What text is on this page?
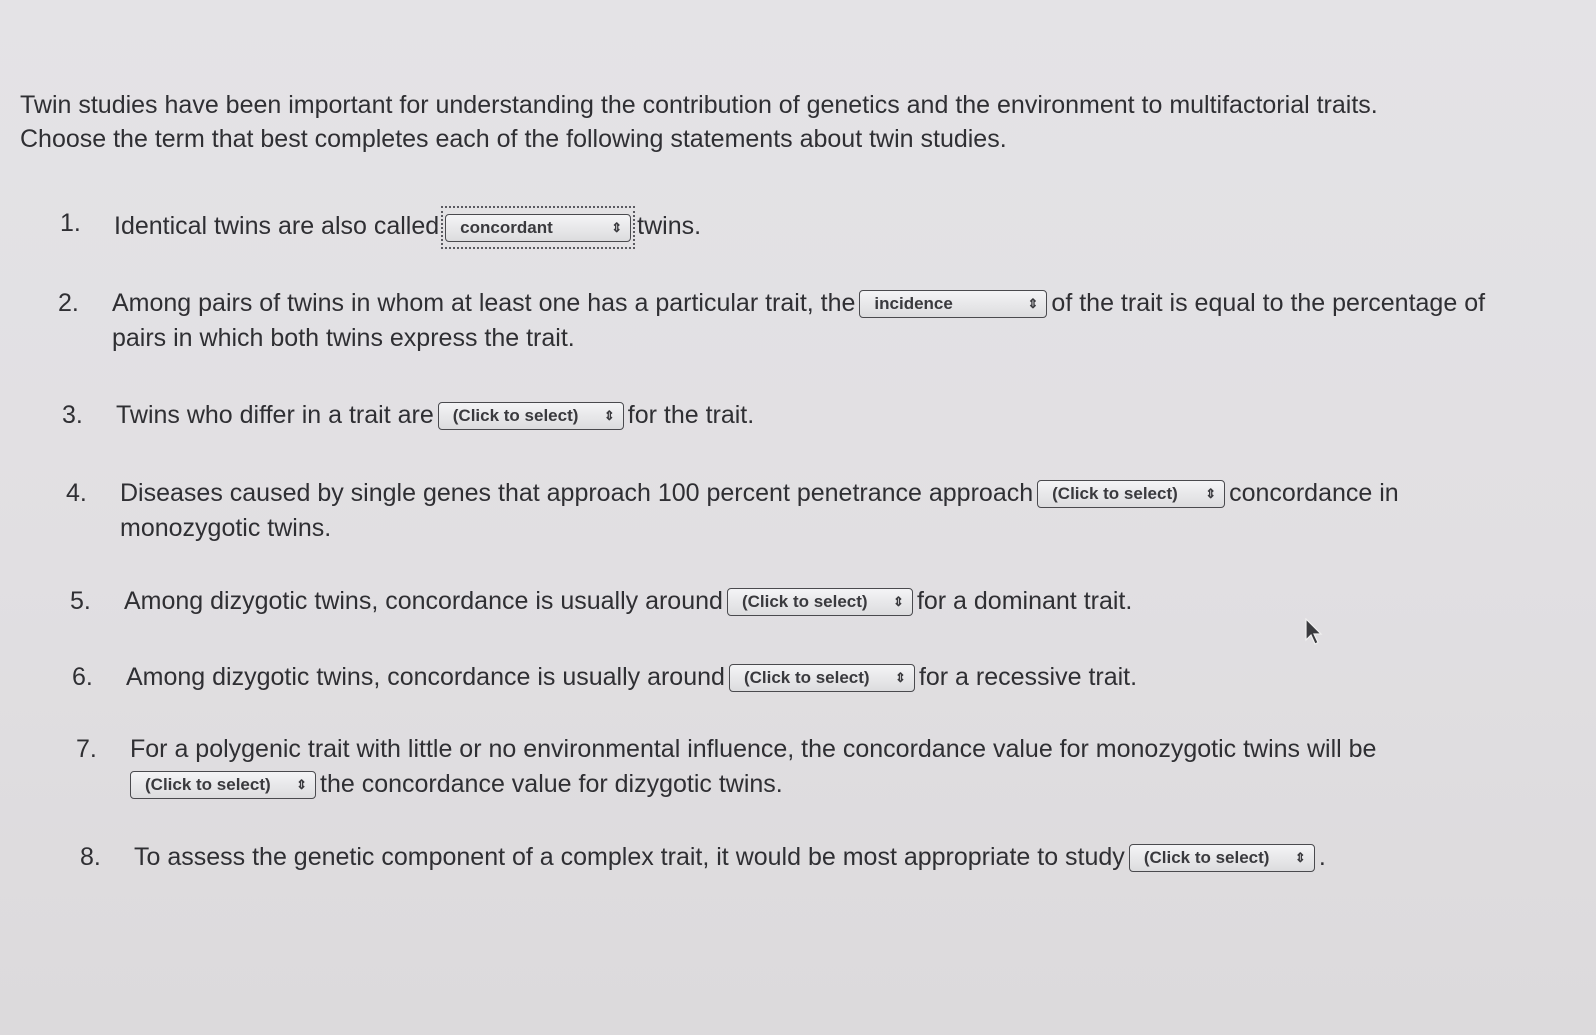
Twin studies have been important for understanding the contribution of genetics and the environment to multifactorial traits.

Choose the term that best completes each of the following statements about twin studies.

1. Identical twins are also called concordant	⇕ twins.
2. Among pairs of twins in whom at least one has a particular trait, the incidence	⇕ of the trait is equal to the percentage of
pairs in which both twins express the trait.
3. Twins who differ in a trait are (Click to select) ⇕ for the trait.
4. Diseases caused by single genes that approach 100 percent penetrance approach (Click to select) ⇕ concordance in
monozygotic twins.
5. Among dizygotic twins, concordance is usually around (Click to select) ⇕ for a dominant trait.
6. Among dizygotic twins, concordance is usually around (Click to select) ⇕ for a recessive trait.
7. For a polygenic trait with little or no environmental influence, the concordance value for monozygotic twins will be
(Click to select) ⇕ the concordance value for dizygotic twins.
8. To assess the genetic component of a complex trait, it would be most appropriate to study (Click to select) ⇕ .
